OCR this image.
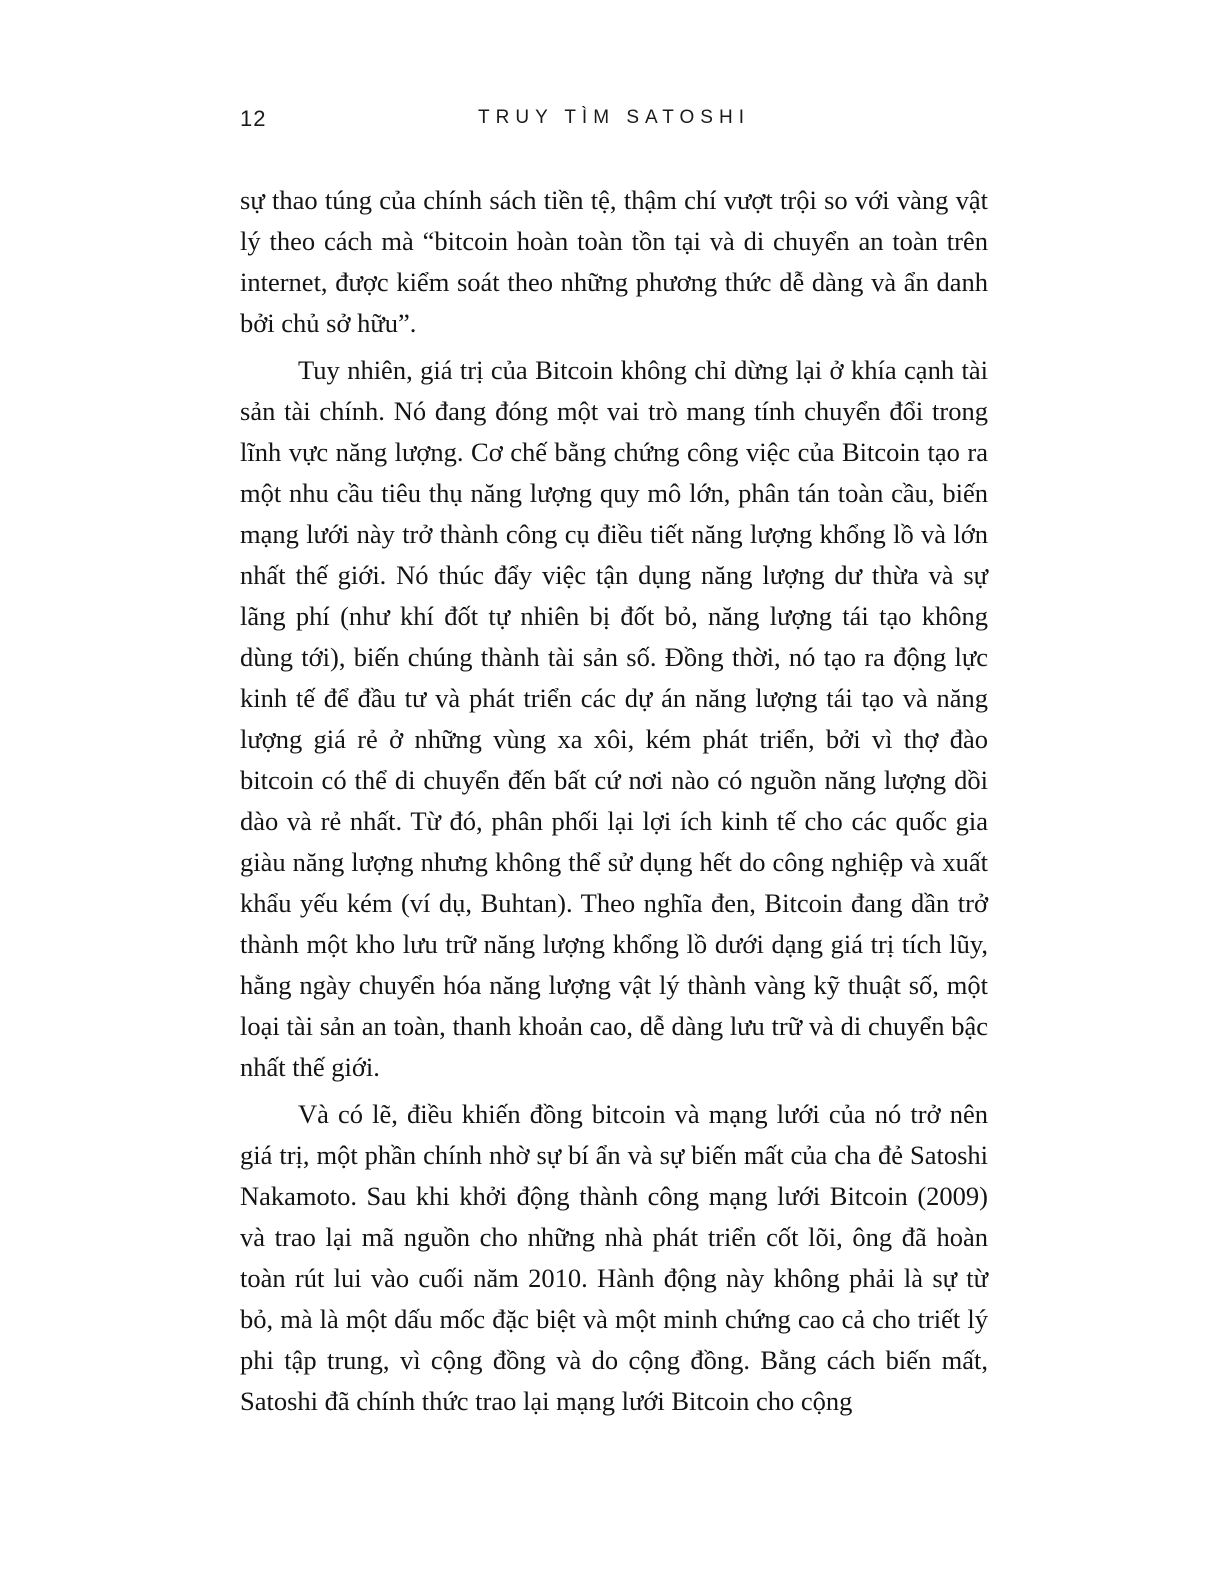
12	TRUY TÌM SATOSHI

sự thao túng của chính sách tiền tệ, thậm chí vượt trội so với vàng vật lý theo cách mà “bitcoin hoàn toàn tồn tại và di chuyển an toàn trên internet, được kiểm soát theo những phương thức dễ dàng và ẩn danh bởi chủ sở hữu”.

Tuy nhiên, giá trị của Bitcoin không chỉ dừng lại ở khía cạnh tài sản tài chính. Nó đang đóng một vai trò mang tính chuyển đổi trong lĩnh vực năng lượng. Cơ chế bằng chứng công việc của Bitcoin tạo ra một nhu cầu tiêu thụ năng lượng quy mô lớn, phân tán toàn cầu, biến mạng lưới này trở thành công cụ điều tiết năng lượng khổng lồ và lớn nhất thế giới. Nó thúc đẩy việc tận dụng năng lượng dư thừa và sự lãng phí (như khí đốt tự nhiên bị đốt bỏ, năng lượng tái tạo không dùng tới), biến chúng thành tài sản số. Đồng thời, nó tạo ra động lực kinh tế để đầu tư và phát triển các dự án năng lượng tái tạo và năng lượng giá rẻ ở những vùng xa xôi, kém phát triển, bởi vì thợ đào bitcoin có thể di chuyển đến bất cứ nơi nào có nguồn năng lượng dồi dào và rẻ nhất. Từ đó, phân phối lại lợi ích kinh tế cho các quốc gia giàu năng lượng nhưng không thể sử dụng hết do công nghiệp và xuất khẩu yếu kém (ví dụ, Buhtan). Theo nghĩa đen, Bitcoin đang dần trở thành một kho lưu trữ năng lượng khổng lồ dưới dạng giá trị tích lũy, hằng ngày chuyển hóa năng lượng vật lý thành vàng kỹ thuật số, một loại tài sản an toàn, thanh khoản cao, dễ dàng lưu trữ và di chuyển bậc nhất thế giới.

Và có lẽ, điều khiến đồng bitcoin và mạng lưới của nó trở nên giá trị, một phần chính nhờ sự bí ẩn và sự biến mất của cha đẻ Satoshi Nakamoto. Sau khi khởi động thành công mạng lưới Bitcoin (2009) và trao lại mã nguồn cho những nhà phát triển cốt lõi, ông đã hoàn toàn rút lui vào cuối năm 2010. Hành động này không phải là sự từ bỏ, mà là một dấu mốc đặc biệt và một minh chứng cao cả cho triết lý phi tập trung, vì cộng đồng và do cộng đồng. Bằng cách biến mất, Satoshi đã chính thức trao lại mạng lưới Bitcoin cho cộng
